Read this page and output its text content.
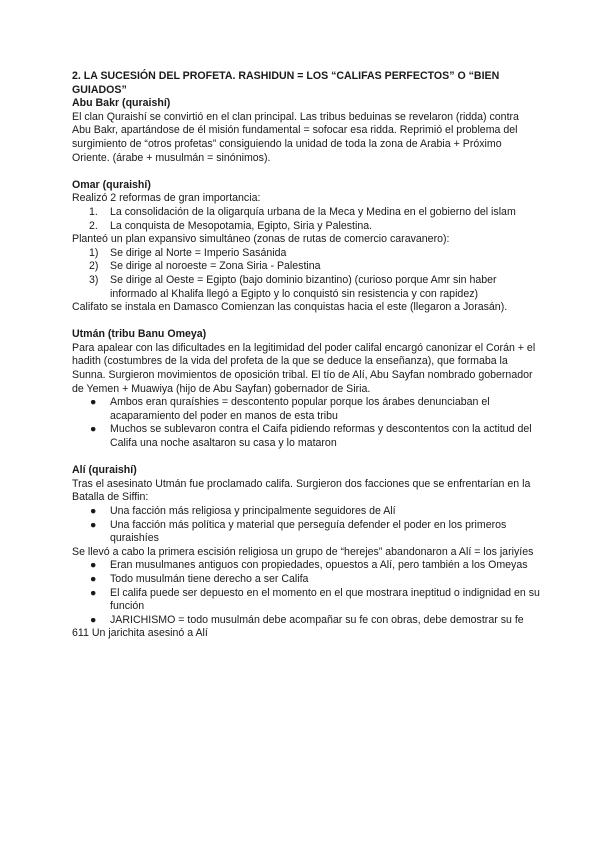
2. LA SUCESIÓN DEL PROFETA. RASHIDUN = LOS “CALIFAS PERFECTOS” O “BIEN GUIADOS”

Abu Bakr (quraishí)

El clan Quraishí se convirtió en el clan principal. Las tribus beduinas se revelaron (ridda) contra Abu Bakr, apartándose de él misión fundamental = sofocar esa ridda. Reprimió el problema del surgimiento de “otros profetas” consiguiendo la unidad de toda la zona de Arabia + Próximo Oriente. (árabe + musulmán = sinónimos).

Omar (quraishí)

Realizó 2 reformas de gran importancia:

1. La consolidación de la oligarquía urbana de la Meca y Medina en el gobierno del islam
2. La conquista de Mesopotamia, Egipto, Siria y Palestina.

Planteó un plan expansivo simultáneo (zonas de rutas de comercio caravanero):

1) Se dirige al Norte = Imperio Sasánida
2) Se dirige al noroeste = Zona Siria - Palestina
3) Se dirige al Oeste = Egipto (bajo dominio bizantino) (curioso porque Amr sin haber informado al Khalifa llegó a Egipto y lo conquistó sin resistencia y con rapidez)

Califato se instala en Damasco Comienzan las conquistas hacia el este (llegaron a Jorasán).

Utmán (tribu Banu Omeya)

Para apalear con las dificultades en la legitimidad del poder califal encargó canonizar el Corán + el hadith (costumbres de la vida del profeta de la que se deduce la enseñanza), que formaba la Sunna. Surgieron movimientos de oposición tribal. El tío de Alí, Abu Sayfan nombrado gobernador de Yemen + Muawiya (hijo de Abu Sayfan) gobernador de Siria.

● Ambos eran quraíshies = descontento popular porque los árabes denunciaban el acaparamiento del poder en manos de esta tribu
● Muchos se sublevaron contra el Caifa pidiendo reformas y descontentos con la actitud del Califa una noche asaltaron su casa y lo mataron

Alí (quraishí)

Tras el asesinato Utmán fue proclamado califa. Surgieron dos facciones que se enfrentarían en la Batalla de Siffin:

● Una facción más religiosa y principalmente seguidores de Alí
● Una facción más política y material que perseguía defender el poder en los primeros quraishíes

Se llevó a cabo la primera escisión religiosa un grupo de “herejes” abandonaron a Alí = los jariyíes

● Eran musulmanes antiguos con propiedades, opuestos a Alí, pero también a los Omeyas
● Todo musulmán tiene derecho a ser Califa
● El califa puede ser depuesto en el momento en el que mostrara ineptitud o indignidad en su función
● JARICHISMO = todo musulmán debe acompañar su fe con obras, debe demostrar su fe

611 Un jarichita asesinó a Alí
